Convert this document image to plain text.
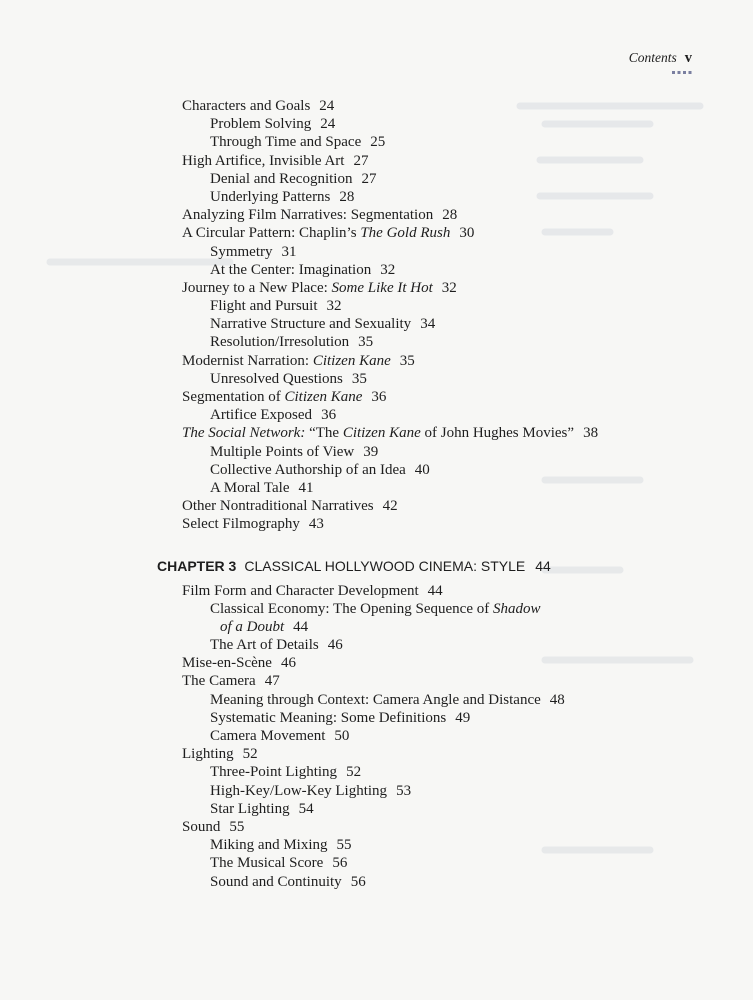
Contents v
Characters and Goals 24
Problem Solving 24
Through Time and Space 25
High Artifice, Invisible Art 27
Denial and Recognition 27
Underlying Patterns 28
Analyzing Film Narratives: Segmentation 28
A Circular Pattern: Chaplin’s The Gold Rush 30
Symmetry 31
At the Center: Imagination 32
Journey to a New Place: Some Like It Hot 32
Flight and Pursuit 32
Narrative Structure and Sexuality 34
Resolution/Irresolution 35
Modernist Narration: Citizen Kane 35
Unresolved Questions 35
Segmentation of Citizen Kane 36
Artifice Exposed 36
The Social Network: “The Citizen Kane of John Hughes Movies” 38
Multiple Points of View 39
Collective Authorship of an Idea 40
A Moral Tale 41
Other Nontraditional Narratives 42
Select Filmography 43
CHAPTER 3 CLASSICAL HOLLYWOOD CINEMA: STYLE 44
Film Form and Character Development 44
Classical Economy: The Opening Sequence of Shadow
of a Doubt 44
The Art of Details 46
Mise-en-Scène 46
The Camera 47
Meaning through Context: Camera Angle and Distance 48
Systematic Meaning: Some Definitions 49
Camera Movement 50
Lighting 52
Three-Point Lighting 52
High-Key/Low-Key Lighting 53
Star Lighting 54
Sound 55
Miking and Mixing 55
The Musical Score 56
Sound and Continuity 56
